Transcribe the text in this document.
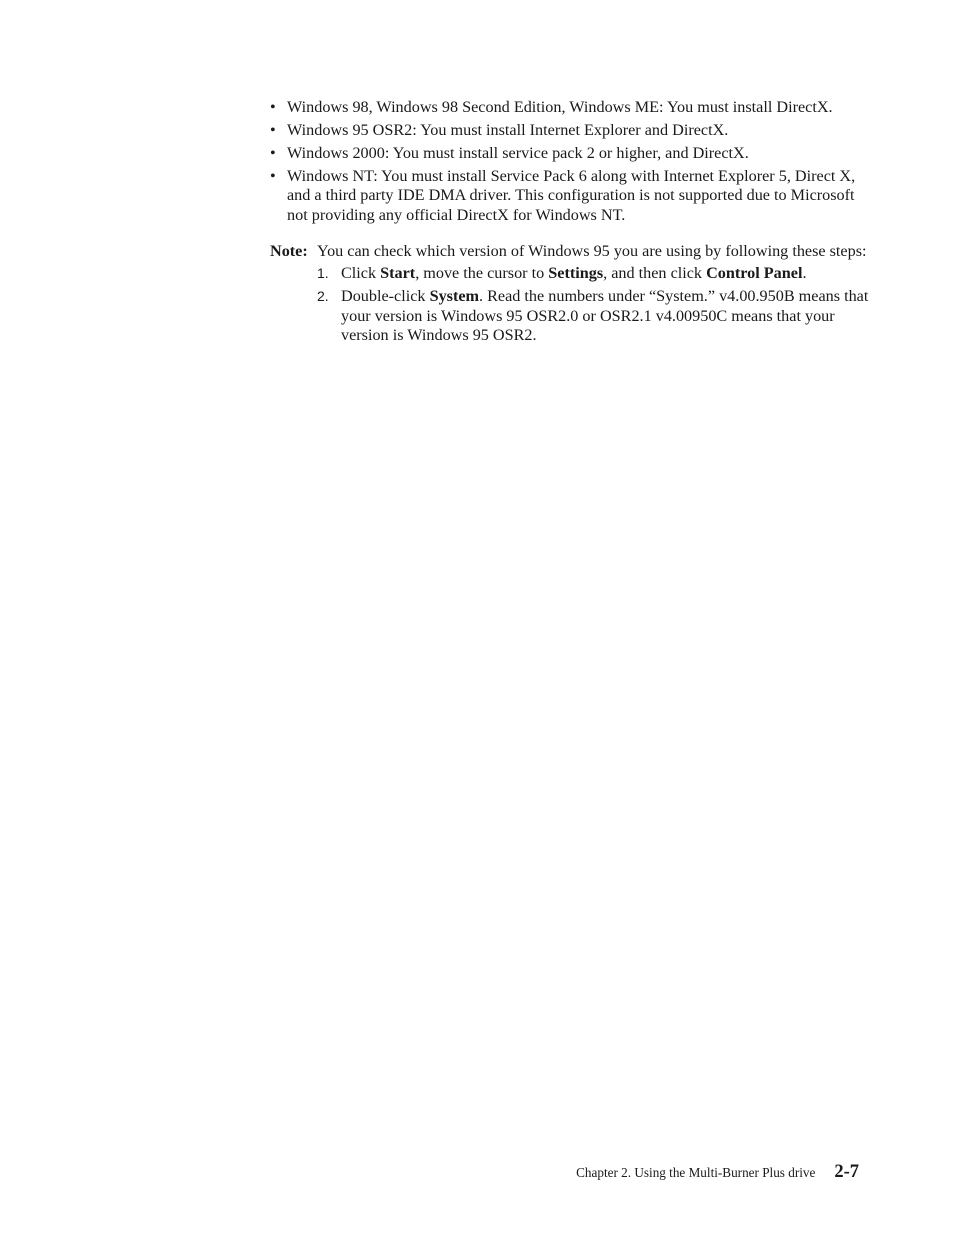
• Windows 98, Windows 98 Second Edition, Windows ME: You must install DirectX.
• Windows 95 OSR2: You must install Internet Explorer and DirectX.
• Windows 2000: You must install service pack 2 or higher, and DirectX.
• Windows NT: You must install Service Pack 6 along with Internet Explorer 5, Direct X, and a third party IDE DMA driver. This configuration is not supported due to Microsoft not providing any official DirectX for Windows NT.
Note: You can check which version of Windows 95 you are using by following these steps:
1. Click Start, move the cursor to Settings, and then click Control Panel.
2. Double-click System. Read the numbers under “System.” v4.00.950B means that your version is Windows 95 OSR2.0 or OSR2.1 v4.00950C means that your version is Windows 95 OSR2.
Chapter 2. Using the Multi-Burner Plus drive 2-7
